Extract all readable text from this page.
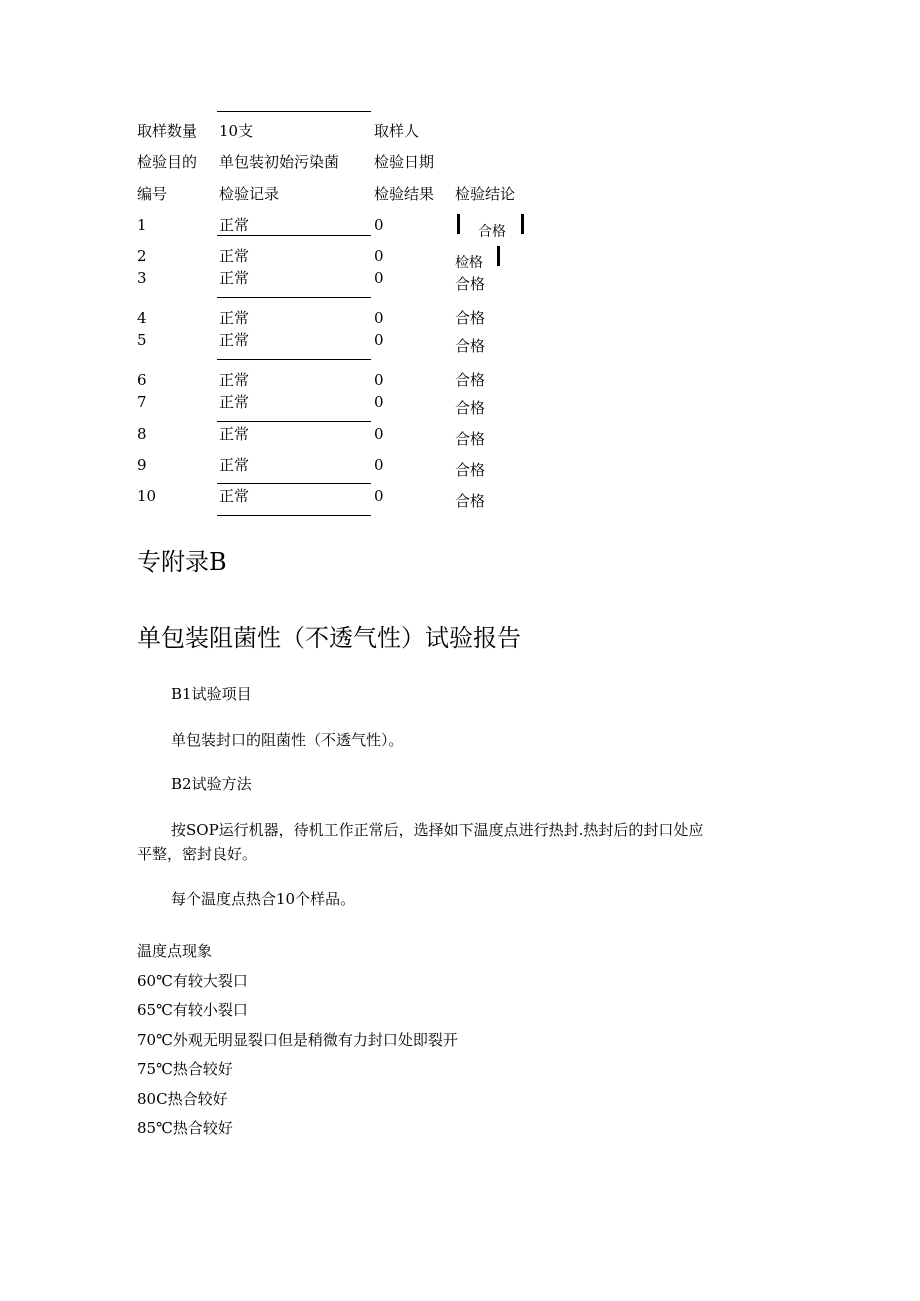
取样数量 10支	取样人
检验目的 单包装初始污染菌 检验日期
编号	检验记录	检验结果 检验结论
1	正常	0	合格
2	正常	0	检格
3	正常	0	合格
4	正常	0	合格
5	正常	0	合格
6	正常	0	合格
7	正常	0	合格
8	正常	0	合格
9	正常	0	合格
10	正常	0	合格
专附录B
单包装阻菌性（不透气性）试验报告
B1试验项目
单包装封口的阻菌性（不透气性）。
B2试验方法
按SOP运行机器，待机工作正常后，选择如下温度点进行热封.热封后的封口处应
平整，密封良好。
每个温度点热合10个样品。
温度点现象
60℃有较大裂口
65℃有较小裂口
70℃外观无明显裂口但是稍微有力封口处即裂开
75℃热合较好
80C热合较好
85℃热合较好
